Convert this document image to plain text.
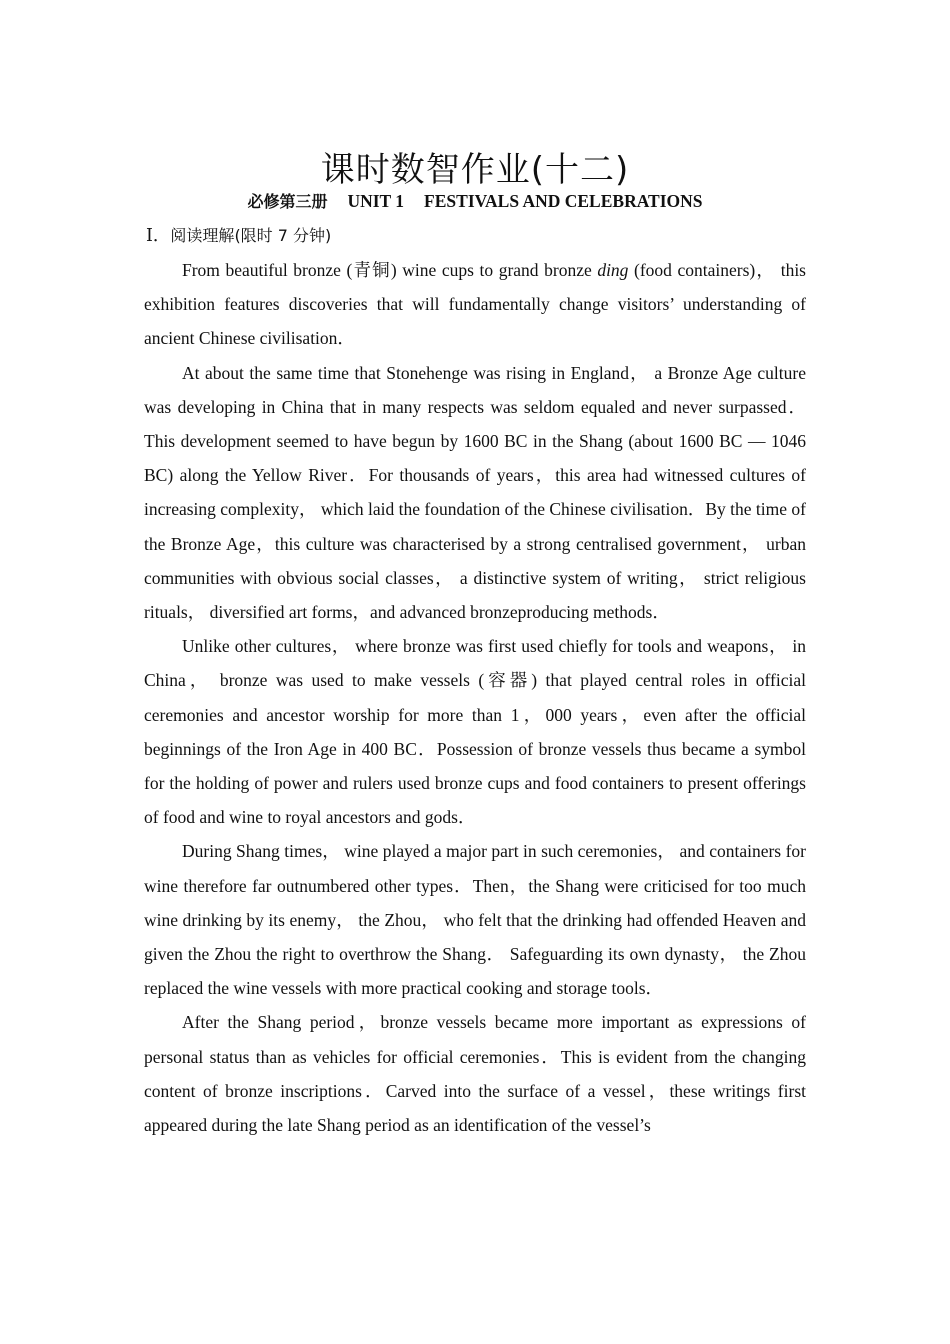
课时数智作业(十二)
必修第三册 UNIT 1 FESTIVALS AND CELEBRATIONS
Ⅰ．阅读理解(限时 7 分钟)

From beautiful bronze (青铜) wine cups to grand bronze ding (food containers)， this exhibition features discoveries that will fundamentally change visitors’ understanding of ancient Chinese civilisation．

At about the same time that Stonehenge was rising in England， a Bronze Age culture was developing in China that in many respects was seldom equaled and never surpassed．This development seemed to have begun by 1600 BC in the Shang (about 1600 BC — 1046 BC) along the Yellow River．For thousands of years，this area had witnessed cultures of increasing complexity， which laid the foundation of the Chinese civilisation．By the time of the Bronze Age，this culture was characterised by a strong centralised government， urban communities with obvious social classes， a distinctive system of writing， strict religious rituals， diversified art forms，and advanced bronzeproducing methods．

Unlike other cultures， where bronze was first used chiefly for tools and weapons， in China， bronze was used to make vessels (容器) that played central roles in official ceremonies and ancestor worship for more than 1，000 years，even after the official beginnings of the Iron Age in 400 BC．Possession of bronze vessels thus became a symbol for the holding of power and rulers used bronze cups and food containers to present offerings of food and wine to royal ancestors and gods．

During Shang times， wine played a major part in such ceremonies， and containers for wine therefore far outnumbered other types．Then，the Shang were criticised for too much wine drinking by its enemy， the Zhou， who felt that the drinking had offended Heaven and given the Zhou the right to overthrow the Shang． Safeguarding its own dynasty， the Zhou replaced the wine vessels with more practical cooking and storage tools．

After the Shang period，bronze vessels became more important as expressions of personal status than as vehicles for official ceremonies．This is evident from the changing content of bronze inscriptions．Carved into the surface of a vessel，these writings first appeared during the late Shang period as an identification of the vessel’s
